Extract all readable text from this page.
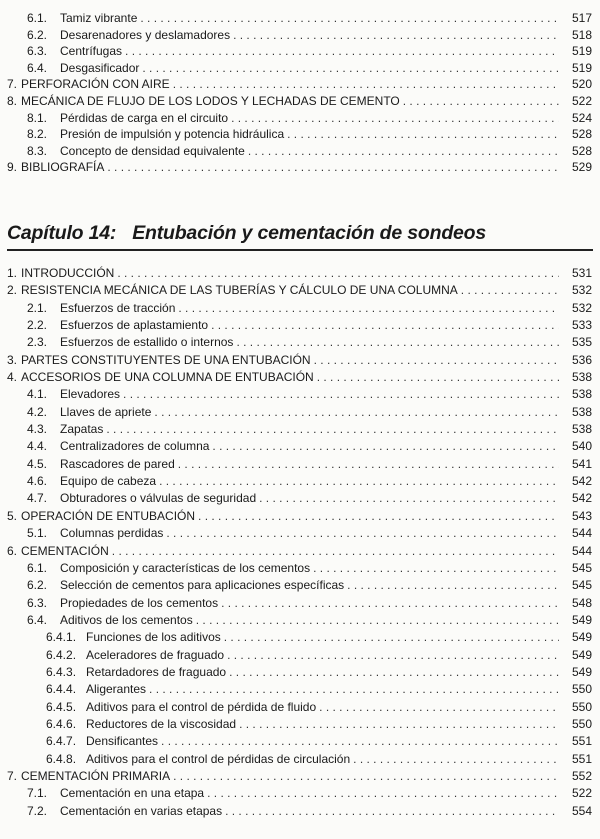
6.1.	Tamiz vibrante . . .	517
6.2.	Desarenadores y deslamadores . . .	518
6.3.	Centrífugas . . .	519
6.4.	Desgasificador . . .	519
7. PERFORACIÓN CON AIRE . . .	520
8. MECÁNICA DE FLUJO DE LOS LODOS Y LECHADAS DE CEMENTO . . .	522
8.1.	Pérdidas de carga en el circuito . . .	524
8.2.	Presión de impulsión y potencia hidráulica . . .	528
8.3.	Concepto de densidad equivalente . . .	528
9. BIBLIOGRAFÍA . . .	529
Capítulo 14: Entubación y cementación de sondeos
1. INTRODUCCIÓN . . .	531
2. RESISTENCIA MECÁNICA DE LAS TUBERÍAS Y CÁLCULO DE UNA COLUMNA . . .	532
2.1.	Esfuerzos de tracción . . .	532
2.2.	Esfuerzos de aplastamiento . . .	533
2.3.	Esfuerzos de estallido o internos . . .	535
3. PARTES CONSTITUYENTES DE UNA ENTUBACIÓN . . .	536
4. ACCESORIOS DE UNA COLUMNA DE ENTUBACIÓN . . .	538
4.1.	Elevadores . . .	538
4.2.	Llaves de apriete . . .	538
4.3.	Zapatas . . .	538
4.4.	Centralizadores de columna . . .	540
4.5.	Rascadores de pared . . .	541
4.6.	Equipo de cabeza . . .	542
4.7.	Obturadores o válvulas de seguridad . . .	542
5. OPERACIÓN DE ENTUBACIÓN . . .	543
5.1.	Columnas perdidas . . .	544
6. CEMENTACIÓN . . .	544
6.1.	Composición y características de los cementos . . .	545
6.2.	Selección de cementos para aplicaciones específicas . . .	545
6.3.	Propiedades de los cementos . . .	548
6.4.	Aditivos de los cementos . . .	549
6.4.1. Funciones de los aditivos . . .	549
6.4.2. Aceleradores de fraguado . . .	549
6.4.3. Retardadores de fraguado . . .	549
6.4.4. Aligerantes . . .	550
6.4.5. Aditivos para el control de pérdida de fluido . . .	550
6.4.6. Reductores de la viscosidad . . .	550
6.4.7. Densificantes . . .	551
6.4.8. Aditivos para el control de pérdidas de circulación . . .	551
7. CEMENTACIÓN PRIMARIA . . .	552
7.1.	Cementación en una etapa . . .	522
7.2.	Cementación en varias etapas . . .	554
